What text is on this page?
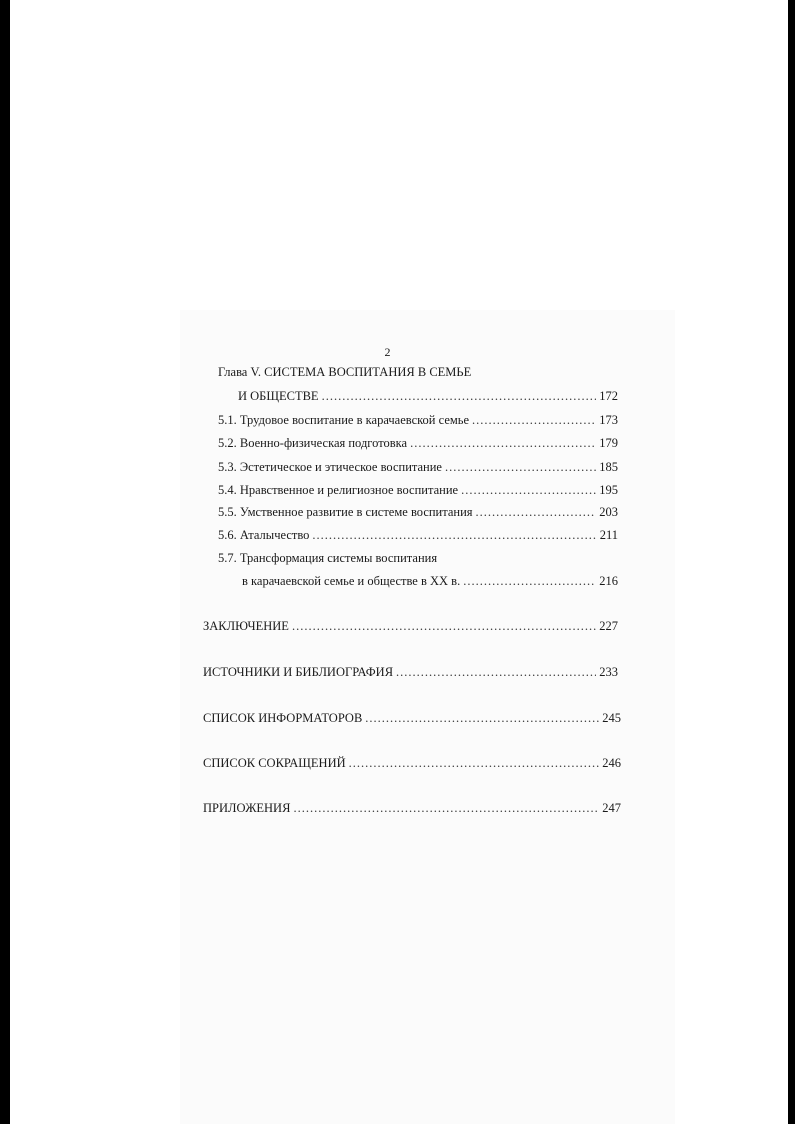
2
Глава V. СИСТЕМА ВОСПИТАНИЯ В СЕМЬЕ
И ОБЩЕСТВЕ .....	172
5.1. Трудовое воспитание в карачаевской семье .....	173
5.2. Военно-физическая подготовка .....	179
5.3. Эстетическое и этическое воспитание .....	185
5.4. Нравственное и религиозное воспитание .....	195
5.5. Умственное развитие в системе воспитания .....	203
5.6. Аталычество .....	211
5.7. Трансформация системы воспитания
в карачаевской семье и обществе в XX в. .....	216
ЗАКЛЮЧЕНИЕ .....	227
ИСТОЧНИКИ И БИБЛИОГРАФИЯ .....	233
СПИСОК ИНФОРМАТОРОВ .....	245
СПИСОК СОКРАЩЕНИЙ .....	246
ПРИЛОЖЕНИЯ .....	247
